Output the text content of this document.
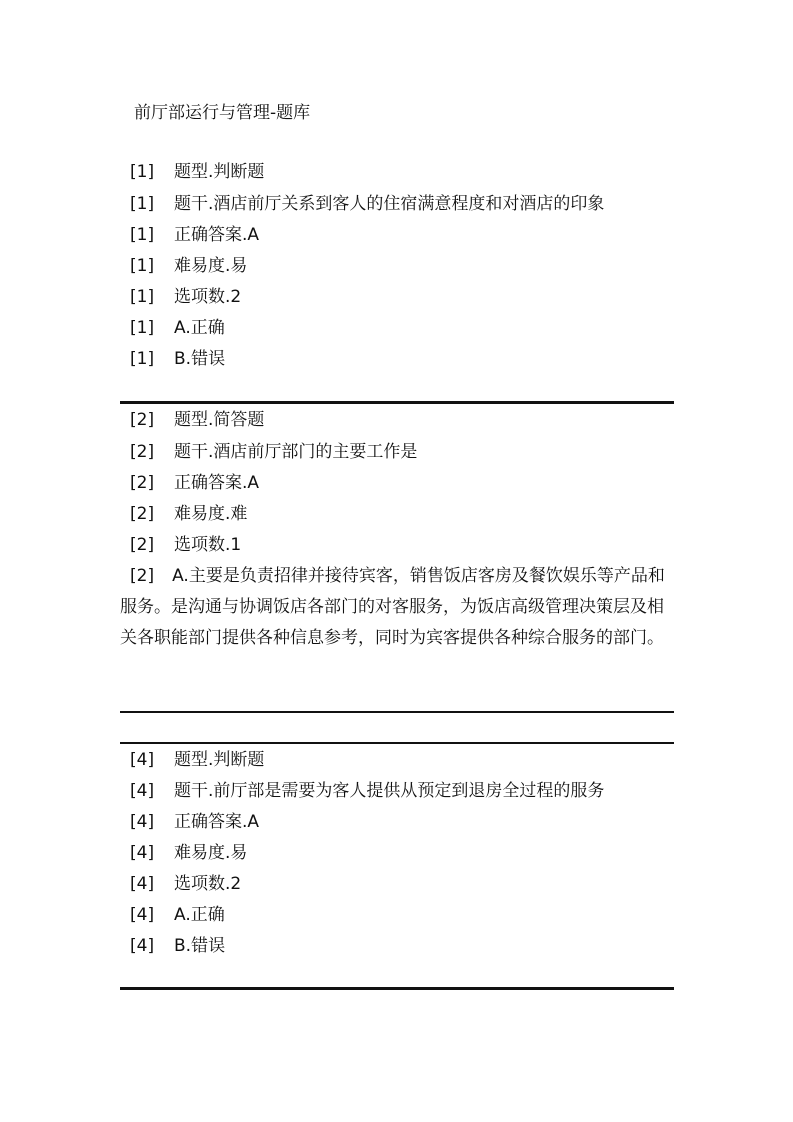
前厅部运行与管理-题库
[1] 题型.判断题
[1] 题干.酒店前厅关系到客人的住宿满意程度和对酒店的印象
[1] 正确答案.A
[1] 难易度.易
[1] 选项数.2
[1] A.正确
[1] B.错误
[2] 题型.简答题
[2] 题干.酒店前厅部门的主要工作是
[2] 正确答案.A
[2] 难易度.难
[2] 选项数.1
[2] A.主要是负责招律并接待宾客，销售饭店客房及餐饮娱乐等产品和服务。是沟通与协调饭店各部门的对客服务，为饭店高级管理决策层及相关各职能部门提供各种信息参考，同时为宾客提供各种综合服务的部门。
[4] 题型.判断题
[4] 题干.前厅部是需要为客人提供从预定到退房全过程的服务
[4] 正确答案.A
[4] 难易度.易
[4] 选项数.2
[4] A.正确
[4] B.错误
